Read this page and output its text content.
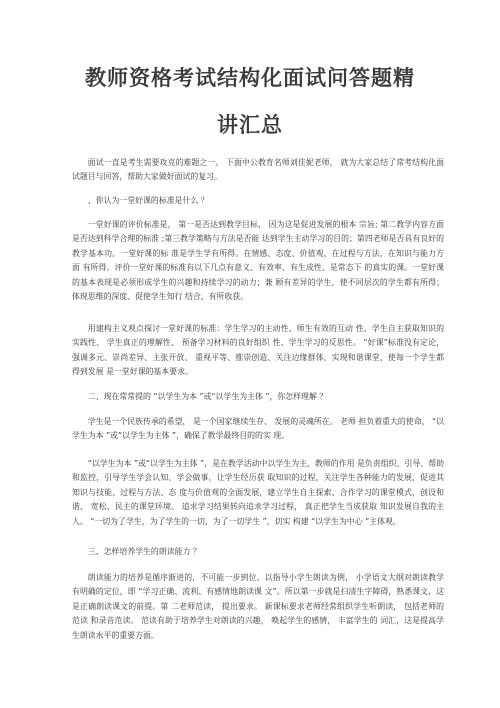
教师资格考试结构化面试问答题精
讲汇总
面试一直是考生需要攻克的难题之一。 下面中公教育名师刘佳妮老师， 就为大家总结了常考结构化面试题目与回答，帮助大家做好面试的复习。
、你认为一堂好课的标准是什么 ？
一堂好课的评价标准是， 第一是否达到教学目标， 因为这是促进发展的根本 宗旨; 第二教学内容方面是否达到科学合理的标准 ;第三教学策略与方法是否能 达到学生主动学习的目的；第四老师是否具有良好的教学基本功。一堂好课的标 准是学生学有所得。在情感、态度、价值观，在过程与方法，在知识与能力方面 有所得。评价一堂好课的标准有以下几点有意义、有效率、有生成性、是常态下 的真实的课。一堂好课的基本表现是必须形成学生的兴趣和持续学习的动力；兼 顾有差异的学生，使不同层次的学生都有所得；体现思维的深度、促使学生知行 结合，有所收获。
用建构主义观点探讨一堂好课的标准：学生学习的主动性、师生有效的互动 性、学生自主获取知识的实践性、 学生真正的理解性、 预备学习材料的良好组织 性、学生学习的反思性。 “好课”标准没有定论， 强调多元、崇尚差异、主张开放、 重视平等、推崇创造、关注边缘群体，实现和谐课堂，使每一个学生都得到发展 是一堂好课的基本要求。
二、现在常常提的 “以学生为本 ”或“以学生为主体 ”，你怎样理解 ？
学生是一个民族传承的希望， 是一个国家继续生存、 发展的灵魂所在。 老师 担负着重大的使命， “以学生为本 ”或“以学生为主体 ”，确保了教学最终目的的实 现。
“以学生为本 ”或“以学生为主体 ”，是在教学活动中以学生为主，教师的作用 是负责组织、引导、帮助和监控，引导学生学会认知、学会做事，让学生经历获 取知识的过程，关注学生各种能力的发展，促进其知识与技能、过程与方法、态 度与价值观的全面发展，建立学生自主探索、合作学习的课堂模式，创设和谐、 宽松、民主的课堂环境。 追求学习结果转向追求学习过程， 真正把学生当成获取 知识发展自我的主人。 “一切为了学生，为了学生的一切，为了一切学生 ”，切实 构建 “以学生为中心 ”主体观。
三、怎样培养学生的朗读能力 ？
朗读能力的培养是循序渐进的，不可能一步到位。以指导小学生朗读为例， 小学语文大纲对朗读教学有明确的定位，即 “学习正确、流利、有感情地朗读课 文”。所以第一步就是扫清生字障碍，熟悉课文，这是正确朗读课文的前提。第 二老师范读， 提出要求。 新课标要求老师经常组织学生听朗读， 包括老师的范读 和录音范读。 范读有助于培养学生对朗读的兴趣， 唤起学生的感情， 丰富学生的 词汇，这是提高学生朗读水平的重要方面。
